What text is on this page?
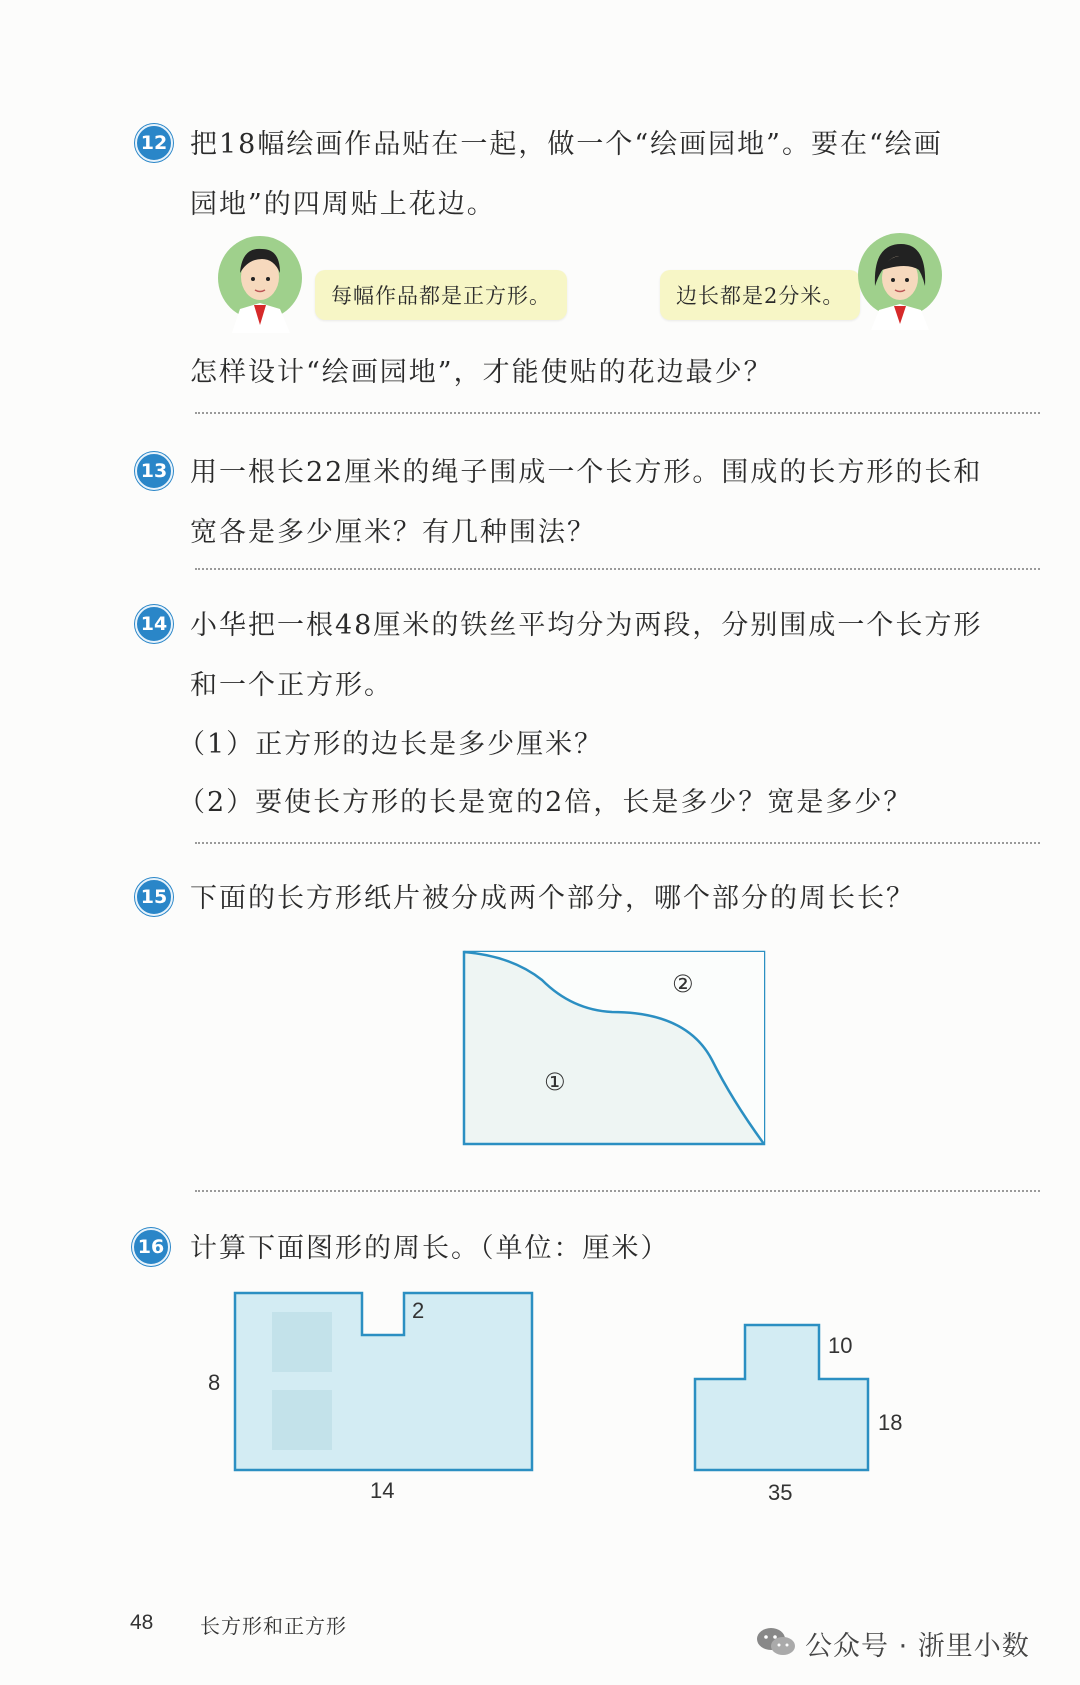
12 把18幅绘画作品贴在一起，做一个“绘画园地”。要在“绘画
园地”的四周贴上花边。
每幅作品都是正方形。	边长都是2分米。
怎样设计“绘画园地”，才能使贴的花边最少？
13 用一根长22厘米的绳子围成一个长方形。围成的长方形的长和
宽各是多少厘米？有几种围法？
14 小华把一根48厘米的铁丝平均分为两段，分别围成一个长方形
和一个正方形。
（1）正方形的边长是多少厘米？
（2）要使长方形的长是宽的2倍，长是多少？宽是多少？
15 下面的长方形纸片被分成两个部分，哪个部分的周长长？
②
①
16 计算下面图形的周长。（单位：厘米）
2
8
14
10
18
35
48 长方形和正方形
公众号 · 浙里小数
